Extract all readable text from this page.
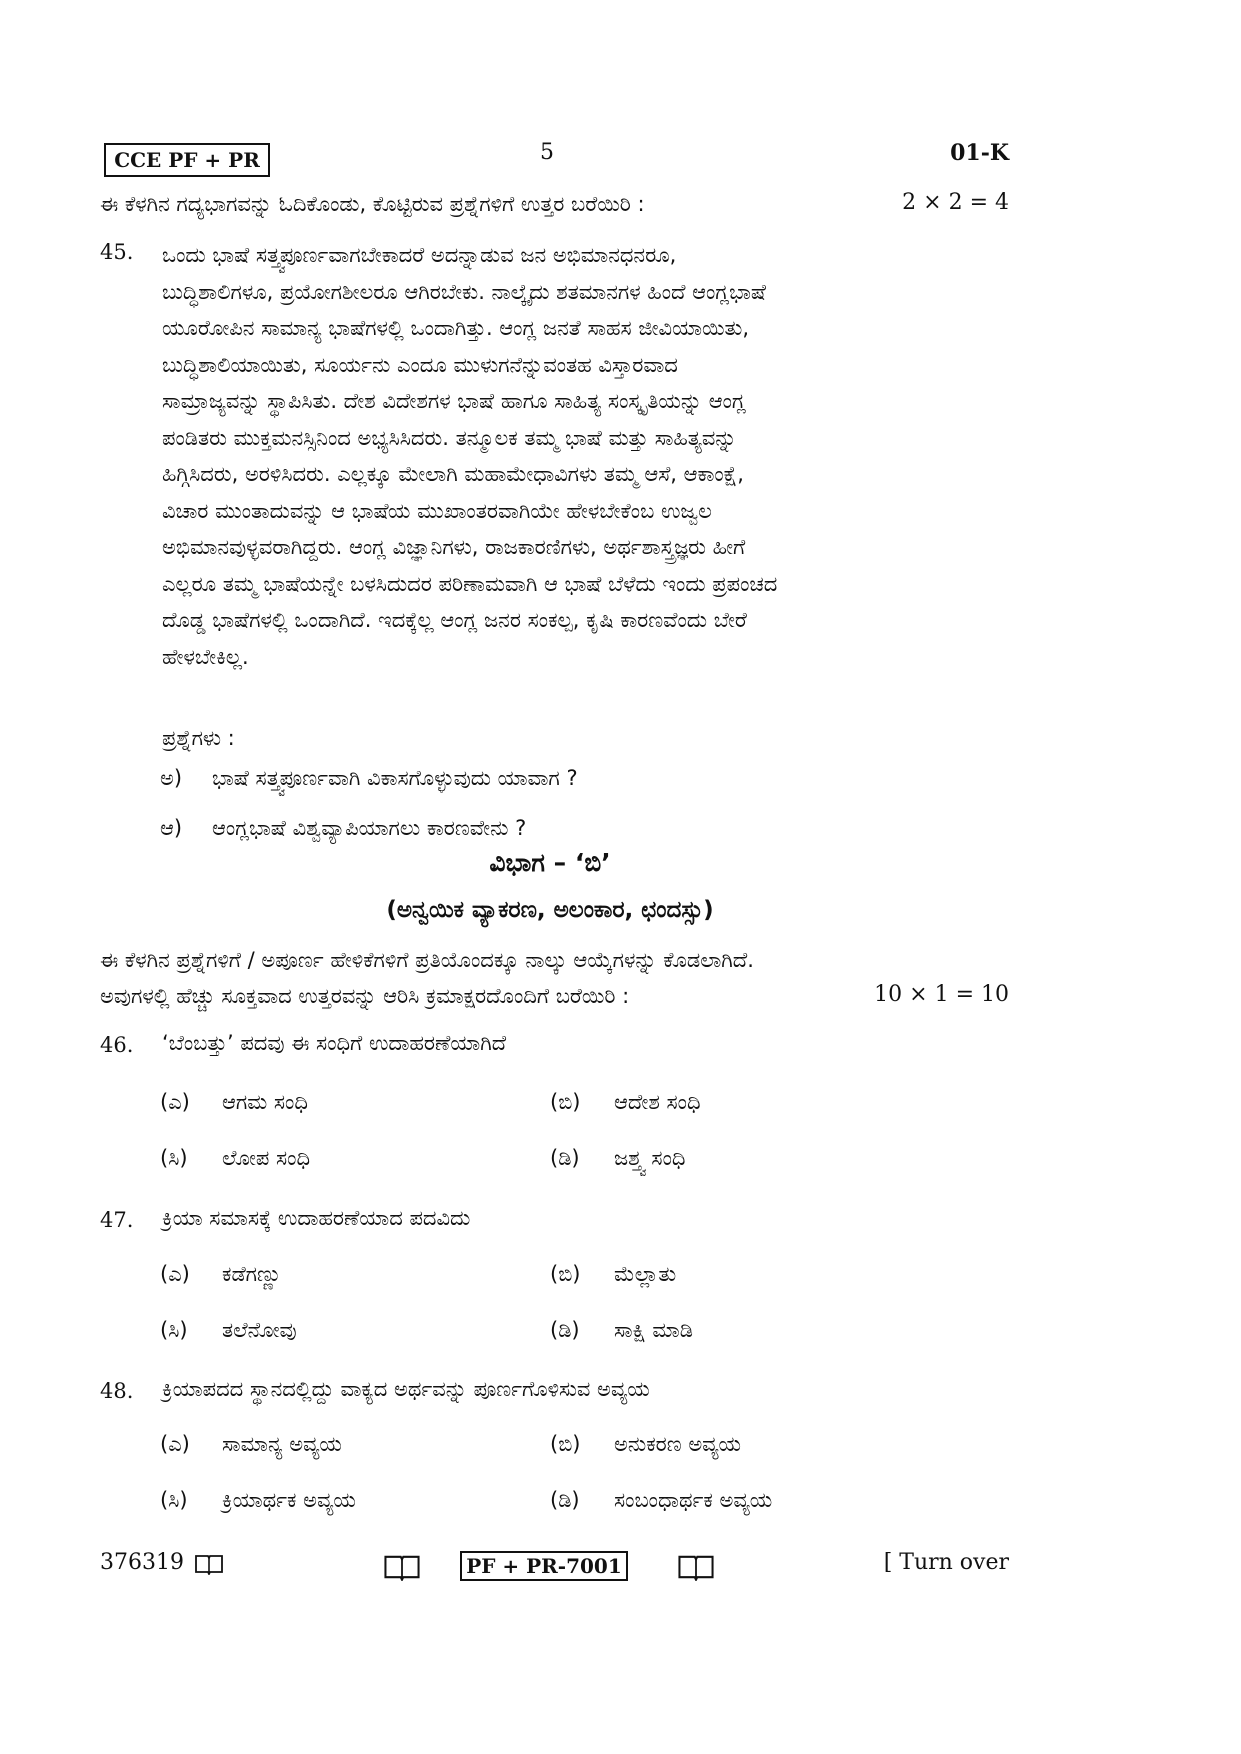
CCE PF + PR	5	01-K
ಈ ಕೆಳಗಿನ ಗದ್ಯಭಾಗವನ್ನು ಓದಿಕೊಂಡು, ಕೊಟ್ಟಿರುವ ಪ್ರಶ್ನೆಗಳಿಗೆ ಉತ್ತರ ಬರೆಯಿರಿ :	2 × 2 = 4
45. ಒಂದು ಭಾಷೆ ಸತ್ತ್ವಪೂರ್ಣವಾಗಬೇಕಾದರೆ ಅದನ್ನಾಡುವ ಜನ ಅಭಿಮಾನಧನರೂ,
ಬುದ್ಧಿಶಾಲಿಗಳೂ, ಪ್ರಯೋಗಶೀಲರೂ ಆಗಿರಬೇಕು. ನಾಲ್ಕೈದು ಶತಮಾನಗಳ ಹಿಂದೆ ಆಂಗ್ಲಭಾಷೆ
ಯೂರೋಪಿನ ಸಾಮಾನ್ಯ ಭಾಷೆಗಳಲ್ಲಿ ಒಂದಾಗಿತ್ತು. ಆಂಗ್ಲ ಜನತೆ ಸಾಹಸ ಜೀವಿಯಾಯಿತು,
ಬುದ್ಧಿಶಾಲಿಯಾಯಿತು, ಸೂರ್ಯನು ಎಂದೂ ಮುಳುಗನೆನ್ನುವಂತಹ ವಿಸ್ತಾರವಾದ
ಸಾಮ್ರಾಜ್ಯವನ್ನು ಸ್ಥಾಪಿಸಿತು. ದೇಶ ವಿದೇಶಗಳ ಭಾಷೆ ಹಾಗೂ ಸಾಹಿತ್ಯ ಸಂಸ್ಕೃತಿಯನ್ನು ಆಂಗ್ಲ
ಪಂಡಿತರು ಮುಕ್ತಮನಸ್ಸಿನಿಂದ ಅಭ್ಯಸಿಸಿದರು. ತನ್ಮೂಲಕ ತಮ್ಮ ಭಾಷೆ ಮತ್ತು ಸಾಹಿತ್ಯವನ್ನು
ಹಿಗ್ಗಿಸಿದರು, ಅರಳಿಸಿದರು. ಎಲ್ಲಕ್ಕೂ ಮೇಲಾಗಿ ಮಹಾಮೇಧಾವಿಗಳು ತಮ್ಮ ಆಸೆ, ಆಕಾಂಕ್ಷೆ,
ವಿಚಾರ ಮುಂತಾದುವನ್ನು ಆ ಭಾಷೆಯ ಮುಖಾಂತರವಾಗಿಯೇ ಹೇಳಬೇಕೆಂಬ ಉಜ್ವಲ
ಅಭಿಮಾನವುಳ್ಳವರಾಗಿದ್ದರು. ಆಂಗ್ಲ ವಿಜ್ಞಾನಿಗಳು, ರಾಜಕಾರಣಿಗಳು, ಅರ್ಥಶಾಸ್ತ್ರಜ್ಞರು ಹೀಗೆ
ಎಲ್ಲರೂ ತಮ್ಮ ಭಾಷೆಯನ್ನೇ ಬಳಸಿದುದರ ಪರಿಣಾಮವಾಗಿ ಆ ಭಾಷೆ ಬೆಳೆದು ಇಂದು ಪ್ರಪಂಚದ
ದೊಡ್ಡ ಭಾಷೆಗಳಲ್ಲಿ ಒಂದಾಗಿದೆ. ಇದಕ್ಕೆಲ್ಲ ಆಂಗ್ಲ ಜನರ ಸಂಕಲ್ಪ, ಕೃಷಿ ಕಾರಣವೆಂದು ಬೇರೆ
ಹೇಳಬೇಕಿಲ್ಲ.
ಪ್ರಶ್ನೆಗಳು :
ಅ) ಭಾಷೆ ಸತ್ತ್ವಪೂರ್ಣವಾಗಿ ವಿಕಾಸಗೊಳ್ಳುವುದು ಯಾವಾಗ ?
ಆ) ಆಂಗ್ಲಭಾಷೆ ವಿಶ್ವವ್ಯಾಪಿಯಾಗಲು ಕಾರಣವೇನು ?
ವಿಭಾಗ – ‘ಬಿ’
(ಅನ್ವಯಿಕ ವ್ಯಾಕರಣ, ಅಲಂಕಾರ, ಛಂದಸ್ಸು)
ಈ ಕೆಳಗಿನ ಪ್ರಶ್ನೆಗಳಿಗೆ / ಅಪೂರ್ಣ ಹೇಳಿಕೆಗಳಿಗೆ ಪ್ರತಿಯೊಂದಕ್ಕೂ ನಾಲ್ಕು ಆಯ್ಕೆಗಳನ್ನು ಕೊಡಲಾಗಿದೆ.
ಅವುಗಳಲ್ಲಿ ಹೆಚ್ಚು ಸೂಕ್ತವಾದ ಉತ್ತರವನ್ನು ಆರಿಸಿ ಕ್ರಮಾಕ್ಷರದೊಂದಿಗೆ ಬರೆಯಿರಿ :	10 × 1 = 10
46. ‘ಬೆಂಬತ್ತು’ ಪದವು ಈ ಸಂಧಿಗೆ ಉದಾಹರಣೆಯಾಗಿದೆ
(ಎ) ಆಗಮ ಸಂಧಿ	(ಬಿ) ಆದೇಶ ಸಂಧಿ
(ಸಿ) ಲೋಪ ಸಂಧಿ	(ಡಿ) ಜಶ್ತ್ವ ಸಂಧಿ
47. ಕ್ರಿಯಾ ಸಮಾಸಕ್ಕೆ ಉದಾಹರಣೆಯಾದ ಪದವಿದು
(ಎ) ಕಡೆಗಣ್ಣು	(ಬಿ) ಮೆಲ್ಲಾತು
(ಸಿ) ತಲೆನೋವು	(ಡಿ) ಸಾಕ್ಷಿ ಮಾಡಿ
48. ಕ್ರಿಯಾಪದದ ಸ್ಥಾನದಲ್ಲಿದ್ದು ವಾಕ್ಯದ ಅರ್ಥವನ್ನು ಪೂರ್ಣಗೊಳಿಸುವ ಅವ್ಯಯ
(ಎ) ಸಾಮಾನ್ಯ ಅವ್ಯಯ	(ಬಿ) ಅನುಕರಣ ಅವ್ಯಯ
(ಸಿ) ಕ್ರಿಯಾರ್ಥಕ ಅವ್ಯಯ	(ಡಿ) ಸಂಬಂಧಾರ್ಥಕ ಅವ್ಯಯ
376319	PF + PR-7001	[ Turn over
